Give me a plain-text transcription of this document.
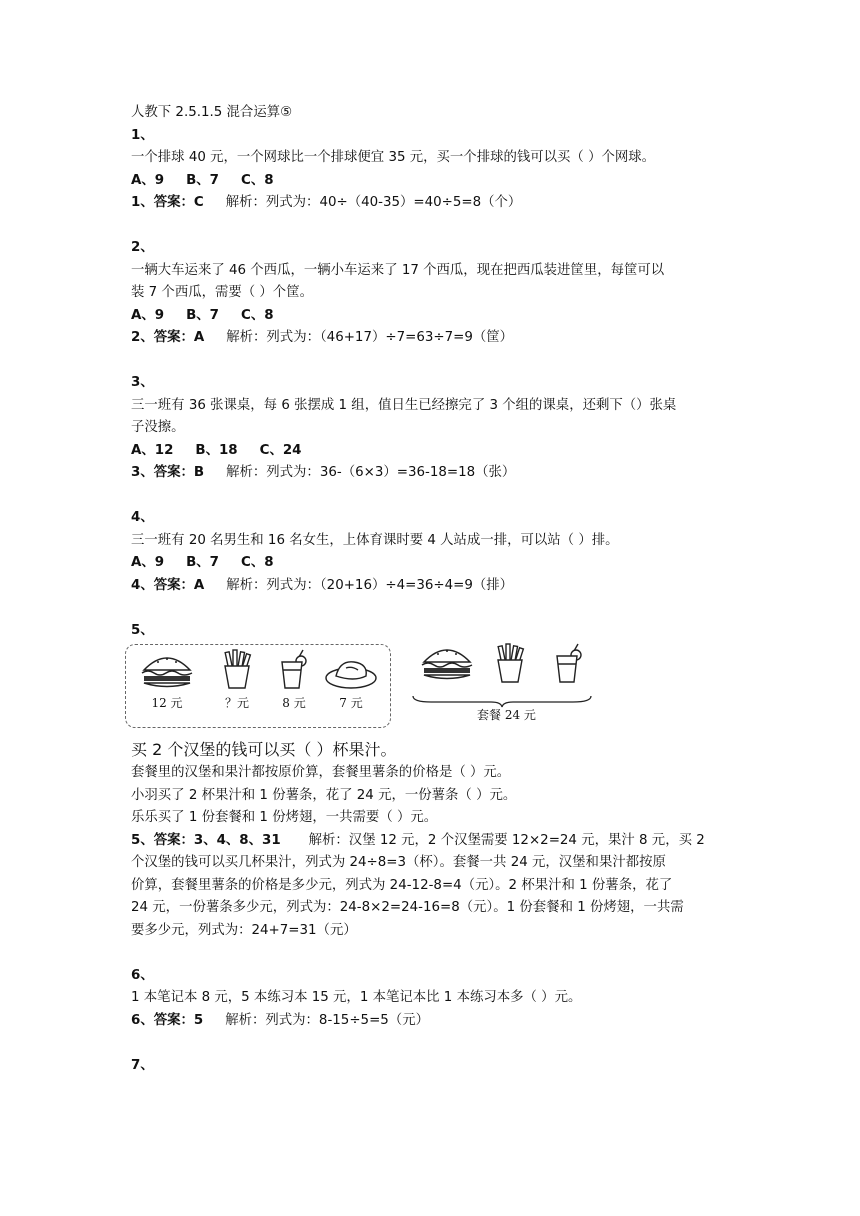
人教下 2.5.1.5 混合运算⑤
1、
一个排球 40 元，一个网球比一个排球便宜 35 元，买一个排球的钱可以买（ ）个网球。
A、9 B、7 C、8
1、答案：C 解析：列式为：40÷（40-35）=40÷5=8（个）
2、
一辆大车运来了 46 个西瓜，一辆小车运来了 17 个西瓜，现在把西瓜装进筐里，每筐可以
装 7 个西瓜，需要（ ）个筐。
A、9 B、7 C、8
2、答案：A 解析：列式为：（46+17）÷7=63÷7=9（筐）
3、
三一班有 36 张课桌，每 6 张摆成 1 组，值日生已经擦完了 3 个组的课桌，还剩下（）张桌
子没擦。
A、12 B、18 C、24
3、答案：B 解析：列式为：36-（6×3）=36-18=18（张）
4、
三一班有 20 名男生和 16 名女生，上体育课时要 4 人站成一排，可以站（ ）排。
A、9 B、7 C、8
4、答案：A 解析：列式为：（20+16）÷4=36÷4=9（排）
5、
12 元	？元	8 元	7 元
套餐 24 元
买 2 个汉堡的钱可以买（ ）杯果汁。
套餐里的汉堡和果汁都按原价算，套餐里薯条的价格是（ ）元。
小羽买了 2 杯果汁和 1 份薯条，花了 24 元，一份薯条（ ）元。
乐乐买了 1 份套餐和 1 份烤翅，一共需要（ ）元。
5、答案：3、4、8、31 解析：汉堡 12 元，2 个汉堡需要 12×2=24 元，果汁 8 元，买 2
个汉堡的钱可以买几杯果汁，列式为 24÷8=3（杯）。套餐一共 24 元，汉堡和果汁都按原
价算，套餐里薯条的价格是多少元，列式为 24-12-8=4（元）。2 杯果汁和 1 份薯条，花了
24 元，一份薯条多少元，列式为：24-8×2=24-16=8（元）。1 份套餐和 1 份烤翅，一共需
要多少元，列式为：24+7=31（元）
6、
1 本笔记本 8 元，5 本练习本 15 元，1 本笔记本比 1 本练习本多（ ）元。
6、答案：5 解析：列式为：8-15÷5=5（元）
7、
